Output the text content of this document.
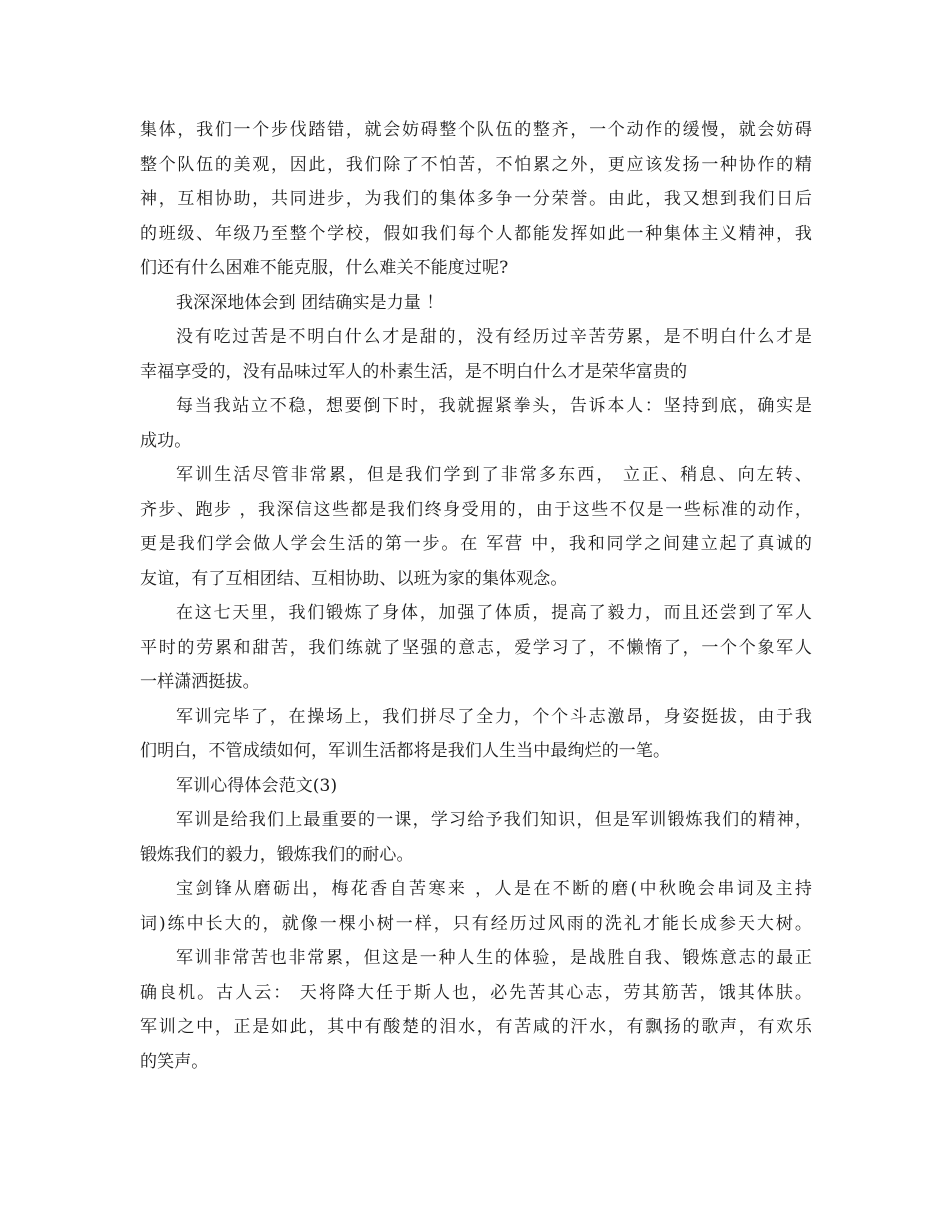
集体，我们一个步伐踏错，就会妨碍整个队伍的整齐，一个动作的缓慢，就会妨碍
整个队伍的美观，因此，我们除了不怕苦，不怕累之外，更应该发扬一种协作的精
神，互相协助，共同进步，为我们的集体多争一分荣誉。由此，我又想到我们日后
的班级、年级乃至整个学校，假如我们每个人都能发挥如此一种集体主义精神，我
们还有什么困难不能克服，什么难关不能度过呢?
我深深地体会到 团结确实是力量 ！
没有吃过苦是不明白什么才是甜的，没有经历过辛苦劳累，是不明白什么才是
幸福享受的，没有品味过军人的朴素生活，是不明白什么才是荣华富贵的
每当我站立不稳，想要倒下时，我就握紧拳头，告诉本人：坚持到底，确实是
成功。
军训生活尽管非常累，但是我们学到了非常多东西， 立正、稍息、向左转、
齐步、跑步 ，我深信这些都是我们终身受用的，由于这些不仅是一些标准的动作，
更是我们学会做人学会生活的第一步。在 军营 中，我和同学之间建立起了真诚的
友谊，有了互相团结、互相协助、以班为家的集体观念。
在这七天里，我们锻炼了身体，加强了体质，提高了毅力，而且还尝到了军人
平时的劳累和甜苦，我们练就了坚强的意志，爱学习了，不懒惰了，一个个象军人
一样潇洒挺拔。
军训完毕了，在操场上，我们拼尽了全力，个个斗志激昂，身姿挺拔，由于我
们明白，不管成绩如何，军训生活都将是我们人生当中最绚烂的一笔。
军训心得体会范文(3)
军训是给我们上最重要的一课，学习给予我们知识，但是军训锻炼我们的精神，
锻炼我们的毅力，锻炼我们的耐心。
宝剑锋从磨砺出，梅花香自苦寒来 ，人是在不断的磨(中秋晚会串词及主持
词)练中长大的，就像一棵小树一样，只有经历过风雨的洗礼才能长成参天大树。
军训非常苦也非常累，但这是一种人生的体验，是战胜自我、锻炼意志的最正
确良机。古人云： 天将降大任于斯人也，必先苦其心志，劳其筋苦，饿其体肤。
军训之中，正是如此，其中有酸楚的泪水，有苦咸的汗水，有飘扬的歌声，有欢乐
的笑声。
